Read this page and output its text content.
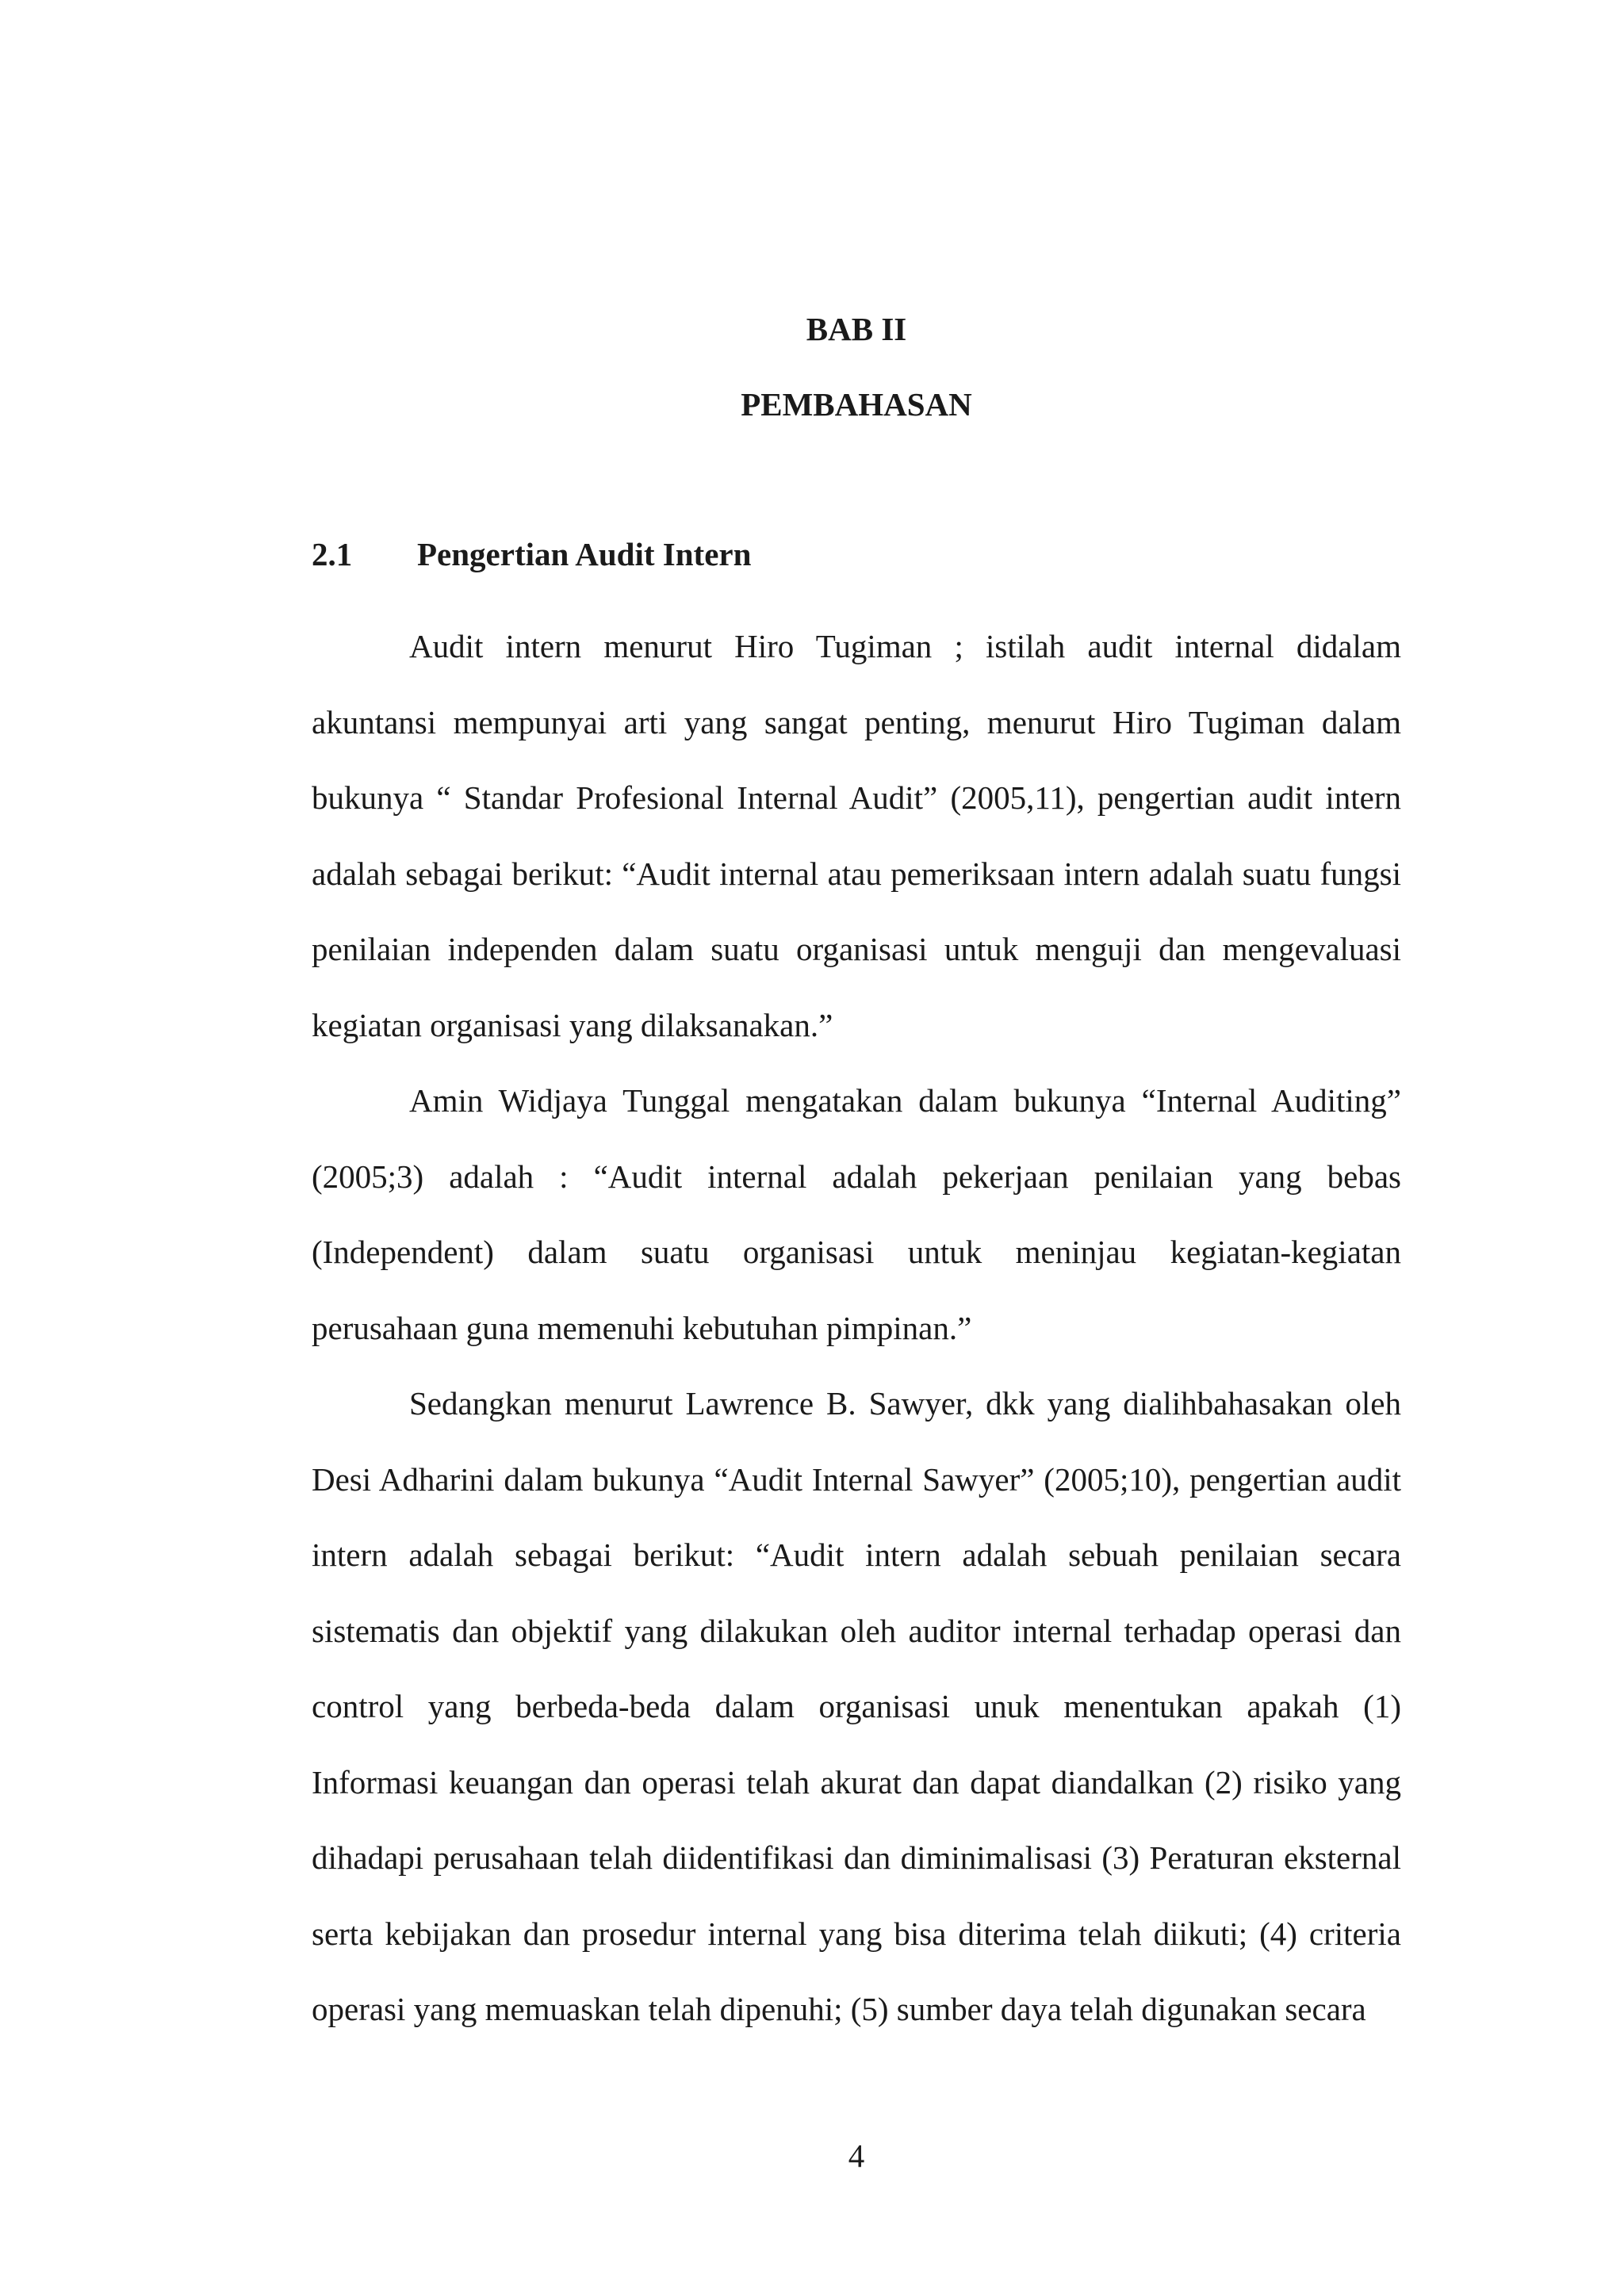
BAB II
PEMBAHASAN
2.1 Pengertian Audit Intern

Audit intern menurut Hiro Tugiman ; istilah audit internal didalam akuntansi mempunyai arti yang sangat penting, menurut Hiro Tugiman dalam bukunya “ Standar Profesional Internal Audit” (2005,11), pengertian audit intern adalah sebagai berikut: “Audit internal atau pemeriksaan intern adalah suatu fungsi penilaian independen dalam suatu organisasi untuk menguji dan mengevaluasi kegiatan organisasi yang dilaksanakan.”

Amin Widjaya Tunggal mengatakan dalam bukunya “Internal Auditing” (2005;3) adalah : “Audit internal adalah pekerjaan penilaian yang bebas (Independent) dalam suatu organisasi untuk meninjau kegiatan-kegiatan perusahaan guna memenuhi kebutuhan pimpinan.”

Sedangkan menurut Lawrence B. Sawyer, dkk yang dialihbahasakan oleh Desi Adharini dalam bukunya “Audit Internal Sawyer” (2005;10), pengertian audit intern adalah sebagai berikut: “Audit intern adalah sebuah penilaian secara sistematis dan objektif yang dilakukan oleh auditor internal terhadap operasi dan control yang berbeda-beda dalam organisasi unuk menentukan apakah (1) Informasi keuangan dan operasi telah akurat dan dapat diandalkan (2) risiko yang dihadapi perusahaan telah diidentifikasi dan diminimalisasi (3) Peraturan eksternal serta kebijakan dan prosedur internal yang bisa diterima telah diikuti; (4) criteria operasi yang memuaskan telah dipenuhi; (5) sumber daya telah digunakan secara

4
